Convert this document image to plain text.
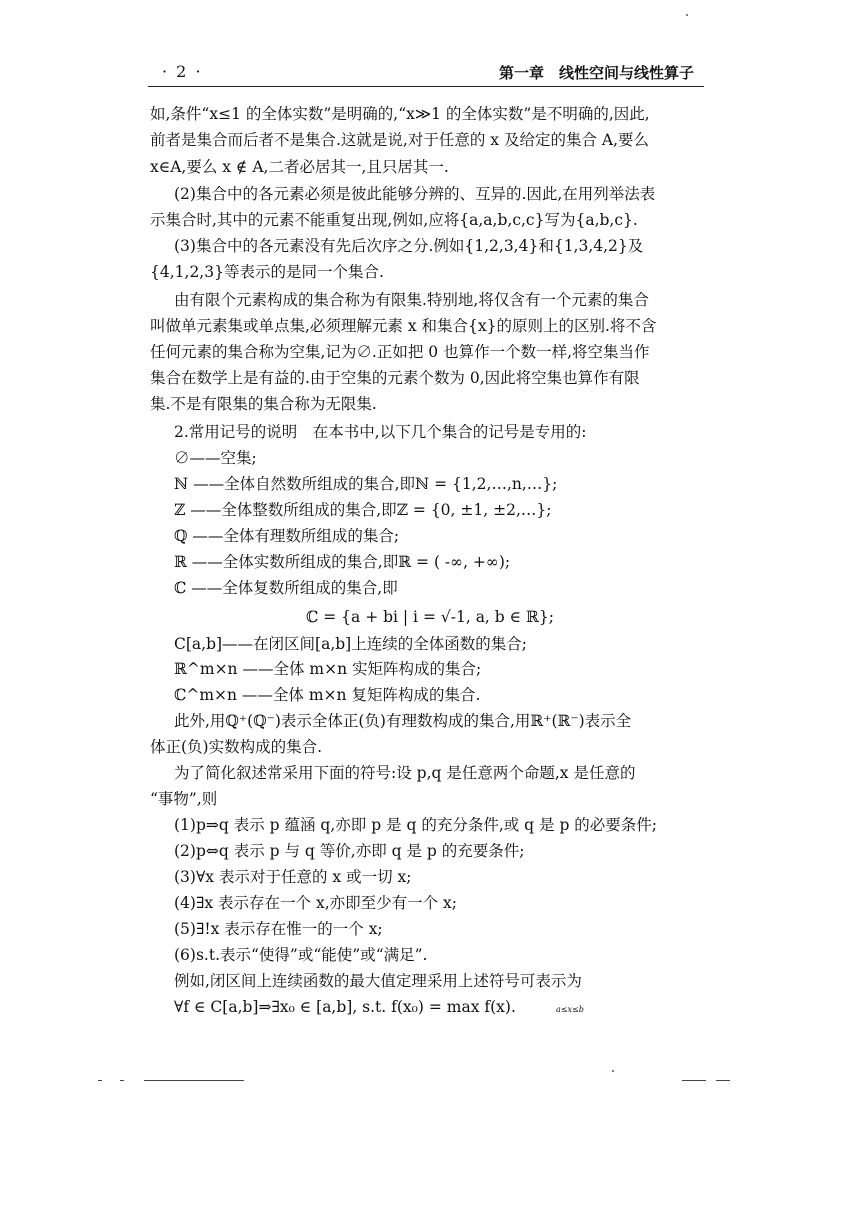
· 2 ·	第一章　线性空间与线性算子
如,条件“x≤1 的全体实数”是明确的,“x≫1 的全体实数”是不明确的,因此,
前者是集合而后者不是集合.这就是说,对于任意的 x 及给定的集合 A,要么
x∈A,要么 x ∉ A,二者必居其一,且只居其一.
(2)集合中的各元素必须是彼此能够分辨的、互异的.因此,在用列举法表
示集合时,其中的元素不能重复出现,例如,应将{a,a,b,c,c}写为{a,b,c}.
(3)集合中的各元素没有先后次序之分.例如{1,2,3,4}和{1,3,4,2}及
{4,1,2,3}等表示的是同一个集合.
由有限个元素构成的集合称为有限集.特别地,将仅含有一个元素的集合
叫做单元素集或单点集,必须理解元素 x 和集合{x}的原则上的区别.将不含
任何元素的集合称为空集,记为∅.正如把 0 也算作一个数一样,将空集当作
集合在数学上是有益的.由于空集的元素个数为 0,因此将空集也算作有限
集.不是有限集的集合称为无限集.
2.常用记号的说明　在本书中,以下几个集合的记号是专用的:
∅——空集;
ℕ ——全体自然数所组成的集合,即ℕ = {1,2,…,n,…};
ℤ ——全体整数所组成的集合,即ℤ = {0, ±1, ±2,…};
ℚ ——全体有理数所组成的集合;
ℝ ——全体实数所组成的集合,即ℝ = ( -∞, +∞);
ℂ ——全体复数所组成的集合,即
ℂ = {a + bi | i = √-1, a, b ∈ ℝ};
C[a,b]——在闭区间[a,b]上连续的全体函数的集合;
ℝ^m×n ——全体 m×n 实矩阵构成的集合;
ℂ^m×n ——全体 m×n 复矩阵构成的集合.
此外,用ℚ⁺(ℚ⁻)表示全体正(负)有理数构成的集合,用ℝ⁺(ℝ⁻)表示全
体正(负)实数构成的集合.
为了简化叙述常采用下面的符号:设 p,q 是任意两个命题,x 是任意的
“事物”,则
(1)p⇒q 表示 p 蕴涵 q,亦即 p 是 q 的充分条件,或 q 是 p 的必要条件;
(2)p⇔q 表示 p 与 q 等价,亦即 q 是 p 的充要条件;
(3)∀x 表示对于任意的 x 或一切 x;
(4)∃x 表示存在一个 x,亦即至少有一个 x;
(5)∃!x 表示存在惟一的一个 x;
(6)s.t.表示“使得”或“能使”或“满足”.
例如,闭区间上连续函数的最大值定理采用上述符号可表示为
∀f ∈ C[a,b]⇒∃x₀ ∈ [a,b], s.t. f(x₀) = max f(x).	a≤x≤b
